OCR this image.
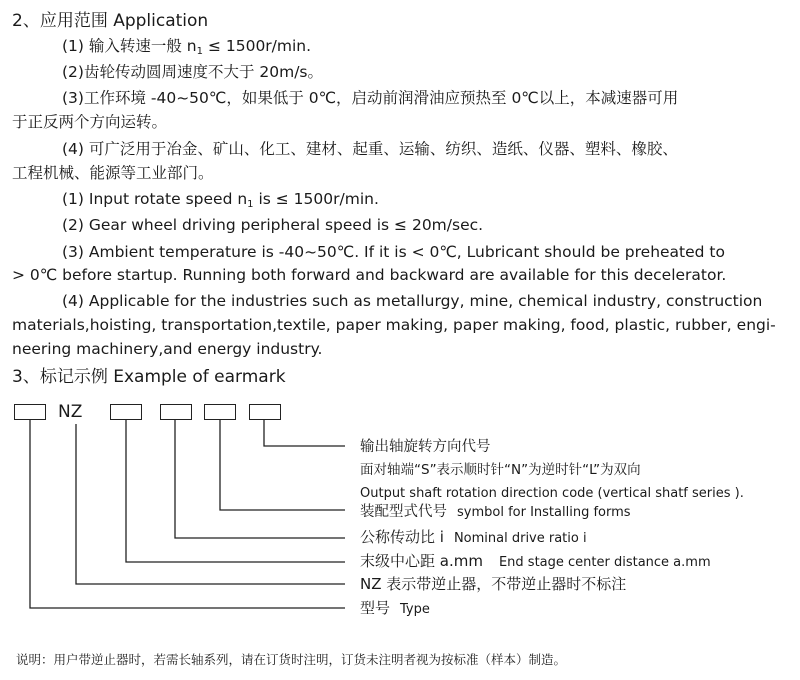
2、应用范围 Application
(1) 输入转速一般 $n_1 \le 1500r/\min$.
(2)齿轮传动圆周速度不大于 20m/s。
(3)工作环境 -40~50℃，如果低于 0℃，启动前润滑油应预热至 0℃以上，本减速器可用
于正反两个方向运转。
(4) 可广泛用于冶金、矿山、化工、建材、起重、运输、纺织、造纸、仪器、塑料、橡胶、
工程机械、能源等工业部门。
(1) Input rotate speed $n_1$ is ≤ 1500r/min.
(2) Gear wheel driving peripheral speed is ≤ 20m/sec.
(3) Ambient temperature is -40~50℃. If it is < 0℃, Lubricant should be preheated to
> 0℃ before startup. Running both forward and backward are available for this decelerator.
(4) Applicable for the industries such as metallurgy, mine, chemical industry, construction
materials,hoisting, transportation,textile, paper making, paper making, food, plastic, rubber, engi-
neering machinery,and energy industry.
3、标记示例 Example of earmark
NZ
输出轴旋转方向代号
面对轴端“S”表示顺时针“N”为逆时针“L”为双向
Output shaft rotation direction code (vertical shatf series ).
装配型式代号 symbol for Installing forms
公称传动比 i Nominal drive ratio i
末级中心距 a.mm End stage center distance a.mm
NZ 表示带逆止器，不带逆止器时不标注
型号 Type
说明：用户带逆止器时，若需长轴系列，请在订货时注明，订货未注明者视为按标准（样本）制造。
